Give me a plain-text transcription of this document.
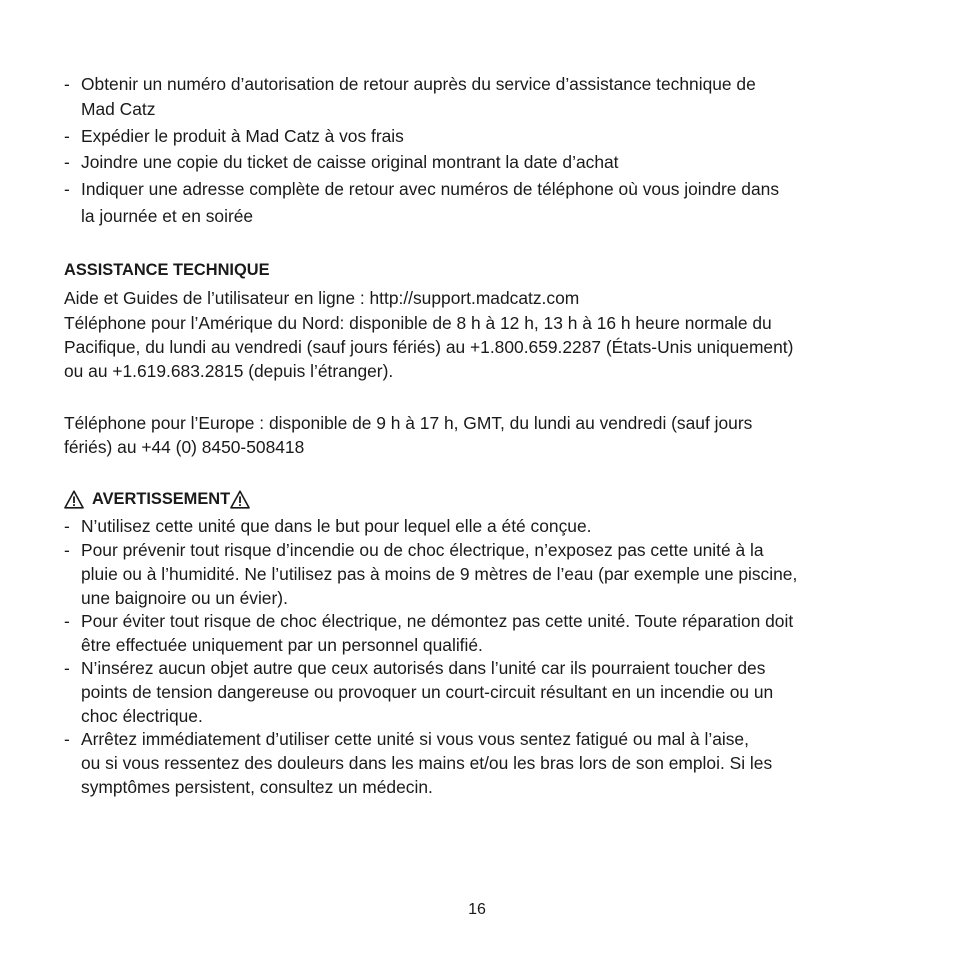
- Obtenir un numéro d’autorisation de retour auprès du service d’assistance technique de
Mad Catz
- Expédier le produit à Mad Catz à vos frais
- Joindre une copie du ticket de caisse original montrant la date d’achat
- Indiquer une adresse complète de retour avec numéros de téléphone où vous joindre dans
la journée et en soirée
ASSISTANCE TECHNIQUE
Aide et Guides de l’utilisateur en ligne : http://support.madcatz.com
Téléphone pour l’Amérique du Nord: disponible de 8 h à 12 h, 13 h à 16 h heure normale du
Pacifique, du lundi au vendredi (sauf jours fériés) au +1.800.659.2287 (États-Unis uniquement)
ou au +1.619.683.2815 (depuis l’étranger).
Téléphone pour l’Europe : disponible de 9 h à 17 h, GMT, du lundi au vendredi (sauf jours
fériés) au +44 (0) 8450-508418
AVERTISSEMENT
- N’utilisez cette unité que dans le but pour lequel elle a été conçue.
- Pour prévenir tout risque d’incendie ou de choc électrique, n’exposez pas cette unité à la
pluie ou à l’humidité. Ne l’utilisez pas à moins de 9 mètres de l’eau (par exemple une piscine,
une baignoire ou un évier).
- Pour éviter tout risque de choc électrique, ne démontez pas cette unité. Toute réparation doit
être effectuée uniquement par un personnel qualifié.
- N’insérez aucun objet autre que ceux autorisés dans l’unité car ils pourraient toucher des
points de tension dangereuse ou provoquer un court-circuit résultant en un incendie ou un
choc électrique.
- Arrêtez immédiatement d’utiliser cette unité si vous vous sentez fatigué ou mal à l’aise,
ou si vous ressentez des douleurs dans les mains et/ou les bras lors de son emploi. Si les
symptômes persistent, consultez un médecin.
16
